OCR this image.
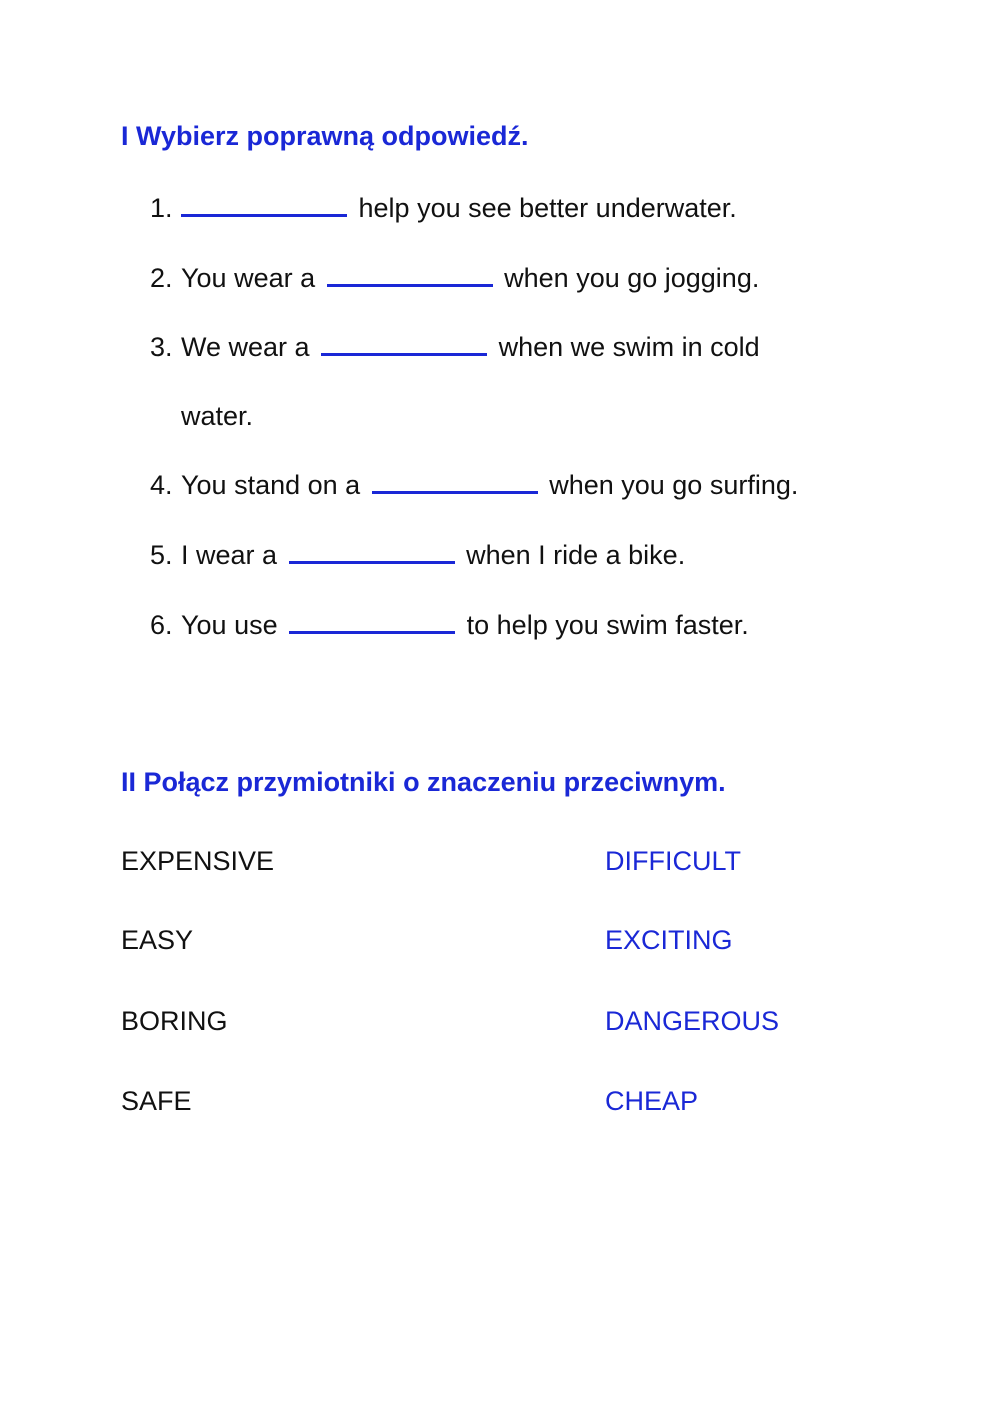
I Wybierz poprawną odpowiedź.
1.	help you see better underwater.
2. You wear a	when you go jogging.
3. We wear a	when we swim in cold
water.
4. You stand on a	when you go surfing.
5. I wear a	when I ride a bike.
6. You use	to help you swim faster.
II Połącz przymiotniki o znaczeniu przeciwnym.
EXPENSIVE	DIFFICULT
EASY	EXCITING
BORING	DANGEROUS
SAFE	CHEAP
